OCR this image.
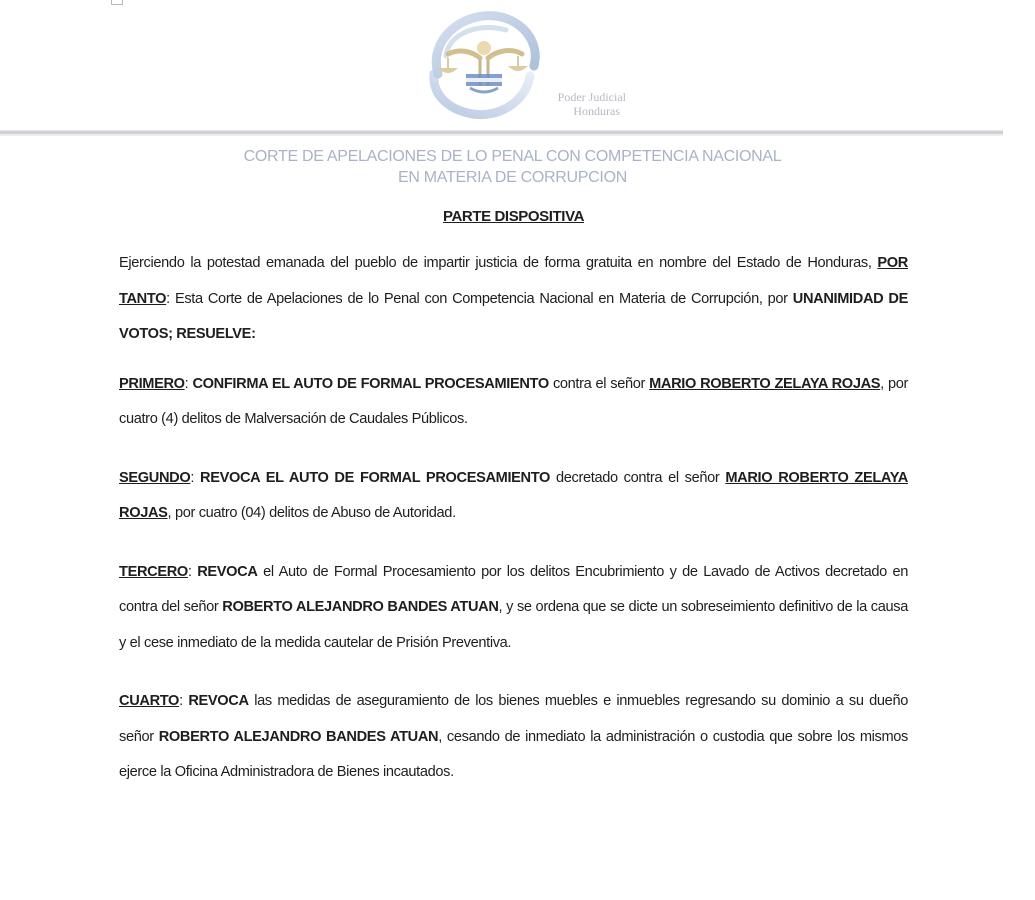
Poder Judicial
Honduras
CORTE DE APELACIONES DE LO PENAL CON COMPETENCIA NACIONAL
EN MATERIA DE CORRUPCION
PARTE DISPOSITIVA

Ejerciendo la potestad emanada del pueblo de impartir justicia de forma gratuita en nombre del Estado de Honduras, POR TANTO: Esta Corte de Apelaciones de lo Penal con Competencia Nacional en Materia de Corrupción, por UNANIMIDAD DE VOTOS; RESUELVE:

PRIMERO: CONFIRMA EL AUTO DE FORMAL PROCESAMIENTO contra el señor MARIO ROBERTO ZELAYA ROJAS, por cuatro (4) delitos de Malversación de Caudales Públicos.

SEGUNDO: REVOCA EL AUTO DE FORMAL PROCESAMIENTO decretado contra el señor MARIO ROBERTO ZELAYA ROJAS, por cuatro (04) delitos de Abuso de Autoridad.

TERCERO: REVOCA el Auto de Formal Procesamiento por los delitos Encubrimiento y de Lavado de Activos decretado en contra del señor ROBERTO ALEJANDRO BANDES ATUAN, y se ordena que se dicte un sobreseimiento definitivo de la causa y el cese inmediato de la medida cautelar de Prisión Preventiva.

CUARTO: REVOCA las medidas de aseguramiento de los bienes muebles e inmuebles regresando su dominio a su dueño señor ROBERTO ALEJANDRO BANDES ATUAN, cesando de inmediato la administración o custodia que sobre los mismos ejerce la Oficina Administradora de Bienes incautados.
